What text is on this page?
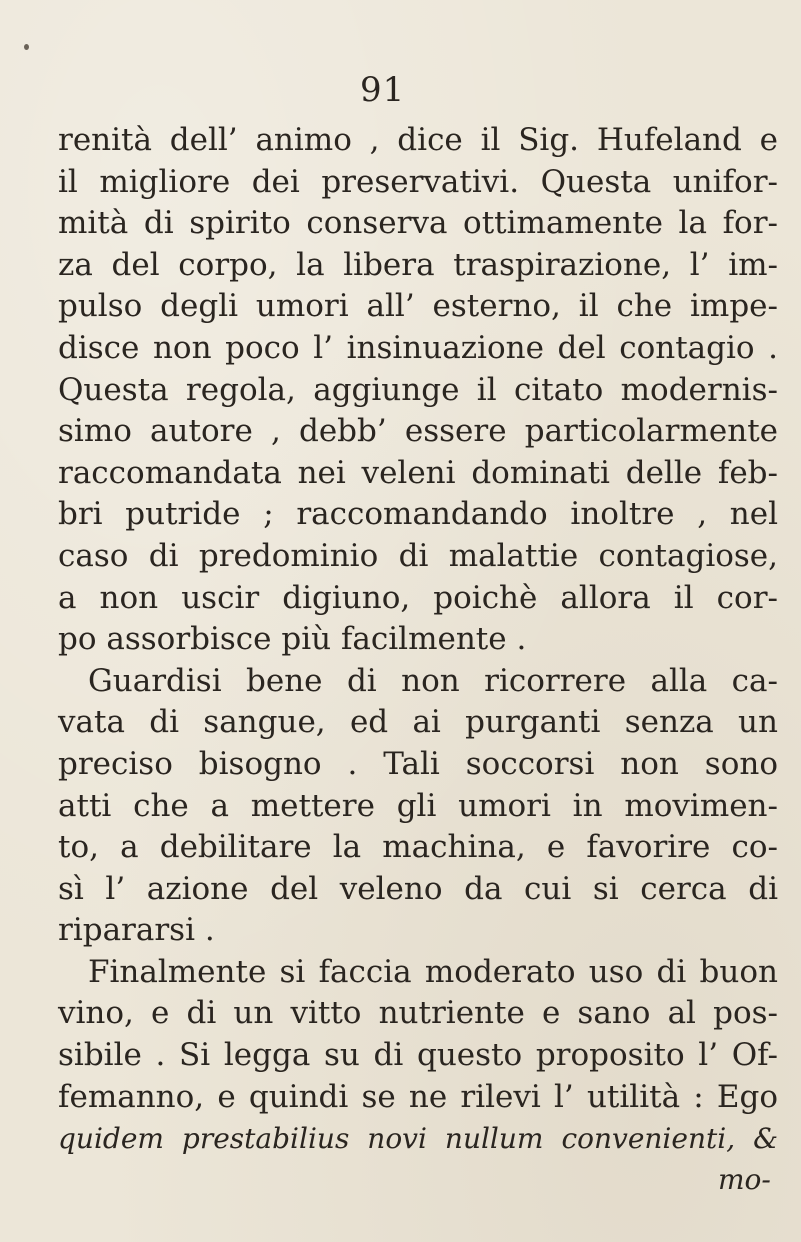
91
renità dell’ animo , dice il Sig. Hufeland e
il migliore dei preservativi. Questa unifor-
mità di spirito conserva ottimamente la for-
za del corpo, la libera traspirazione, l’ im-
pulso degli umori all’ esterno, il che impe-
disce non poco l’ insinuazione del contagio .
Questa regola, aggiunge il citato modernis-
simo autore , debb’ essere particolarmente
raccomandata nei veleni dominati delle feb-
bri putride ; raccomandando inoltre , nel
caso di predominio di malattie contagiose,
a non uscir digiuno, poichè allora il cor-
po assorbisce più facilmente .
Guardisi bene di non ricorrere alla ca-
vata di sangue, ed ai purganti senza un
preciso bisogno . Tali soccorsi non sono
atti che a mettere gli umori in movimen-
to, a debilitare la machina, e favorire co-
sì l’ azione del veleno da cui si cerca di
ripararsi .
Finalmente si faccia moderato uso di buon
vino, e di un vitto nutriente e sano al pos-
sibile . Si legga su di questo proposito l’ Of-
femanno, e quindi se ne rilevi l’ utilità : Ego
quidem prestabilius novi nullum convenienti, &
mo-
